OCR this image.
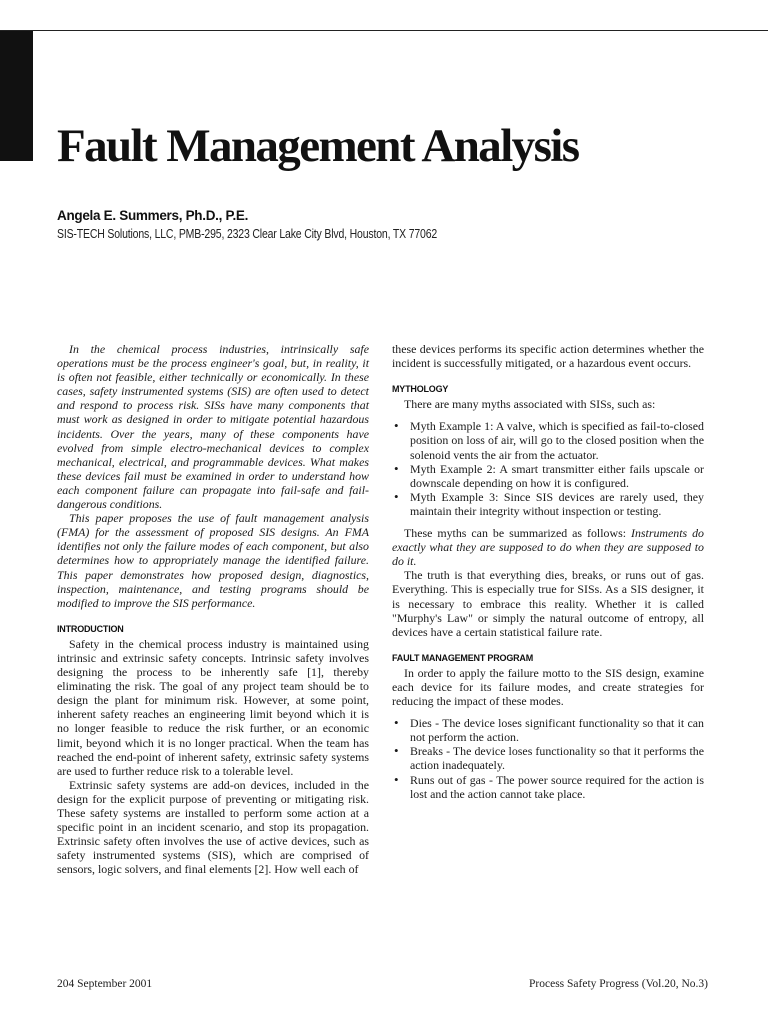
Fault Management Analysis
Angela E. Summers, Ph.D., P.E.
SIS-TECH Solutions, LLC, PMB-295, 2323 Clear Lake City Blvd, Houston, TX 77062

In the chemical process industries, intrinsically safe operations must be the process engineer's goal, but, in reality, it is often not feasible, either technically or economically. In these cases, safety instrumented systems (SIS) are often used to detect and respond to process risk. SISs have many components that must work as designed in order to mitigate potential hazardous incidents. Over the years, many of these components have evolved from simple electro-mechanical devices to complex mechanical, electrical, and programmable devices. What makes these devices fail must be examined in order to understand how each component failure can propagate into fail-safe and fail-dangerous conditions.

This paper proposes the use of fault management analysis (FMA) for the assessment of proposed SIS designs. An FMA identifies not only the failure modes of each component, but also determines how to appropriately manage the identified failure. This paper demonstrates how proposed design, diagnostics, inspection, maintenance, and testing programs should be modified to improve the SIS performance.

INTRODUCTION

Safety in the chemical process industry is maintained using intrinsic and extrinsic safety concepts. Intrinsic safety involves designing the process to be inherently safe [1], thereby eliminating the risk. The goal of any project team should be to design the plant for minimum risk. However, at some point, inherent safety reaches an engineering limit beyond which it is no longer feasible to reduce the risk further, or an economic limit, beyond which it is no longer practical. When the team has reached the end-point of inherent safety, extrinsic safety systems are used to further reduce risk to a tolerable level.

Extrinsic safety systems are add-on devices, included in the design for the explicit purpose of preventing or mitigating risk. These safety systems are installed to perform some action at a specific point in an incident scenario, and stop its propagation. Extrinsic safety often involves the use of active devices, such as safety instrumented systems (SIS), which are comprised of sensors, logic solvers, and final elements [2]. How well each of

these devices performs its specific action determines whether the incident is successfully mitigated, or a hazardous event occurs.

MYTHOLOGY

There are many myths associated with SISs, such as:

• Myth Example 1: A valve, which is specified as fail-to-closed position on loss of air, will go to the closed position when the solenoid vents the air from the actuator.
• Myth Example 2: A smart transmitter either fails upscale or downscale depending on how it is configured.
• Myth Example 3: Since SIS devices are rarely used, they maintain their integrity without inspection or testing.

These myths can be summarized as follows: Instruments do exactly what they are supposed to do when they are supposed to do it.

The truth is that everything dies, breaks, or runs out of gas. Everything. This is especially true for SISs. As a SIS designer, it is necessary to embrace this reality. Whether it is called "Murphy's Law" or simply the natural outcome of entropy, all devices have a certain statistical failure rate.

FAULT MANAGEMENT PROGRAM

In order to apply the failure motto to the SIS design, examine each device for its failure modes, and create strategies for reducing the impact of these modes.

• Dies - The device loses significant functionality so that it can not perform the action.
• Breaks - The device loses functionality so that it performs the action inadequately.
• Runs out of gas - The power source required for the action is lost and the action cannot take place.
204 September 2001	Process Safety Progress (Vol.20, No.3)
